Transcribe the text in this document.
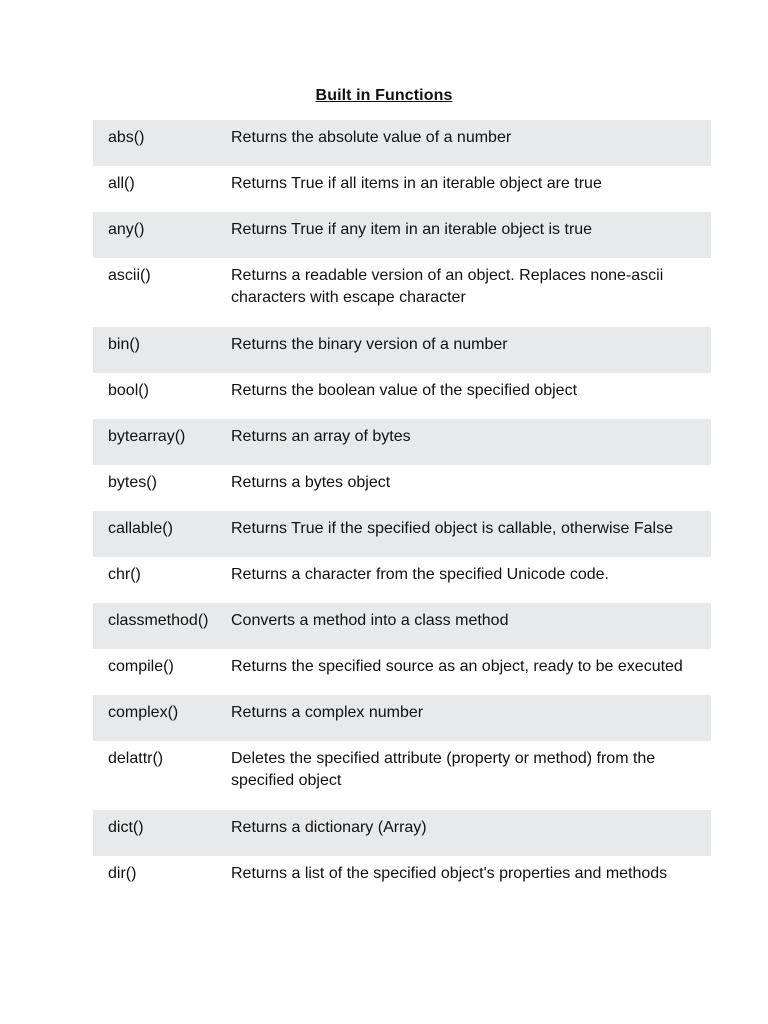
Built in Functions
abs()	Returns the absolute value of a number
all()	Returns True if all items in an iterable object are true
any()	Returns True if any item in an iterable object is true
ascii()	Returns a readable version of an object. Replaces none-ascii characters with escape character
bin()	Returns the binary version of a number
bool()	Returns the boolean value of the specified object
bytearray()	Returns an array of bytes
bytes()	Returns a bytes object
callable()	Returns True if the specified object is callable, otherwise False
chr()	Returns a character from the specified Unicode code.
classmethod()	Converts a method into a class method
compile()	Returns the specified source as an object, ready to be executed
complex()	Returns a complex number
delattr()	Deletes the specified attribute (property or method) from the specified object
dict()	Returns a dictionary (Array)
dir()	Returns a list of the specified object's properties and methods
